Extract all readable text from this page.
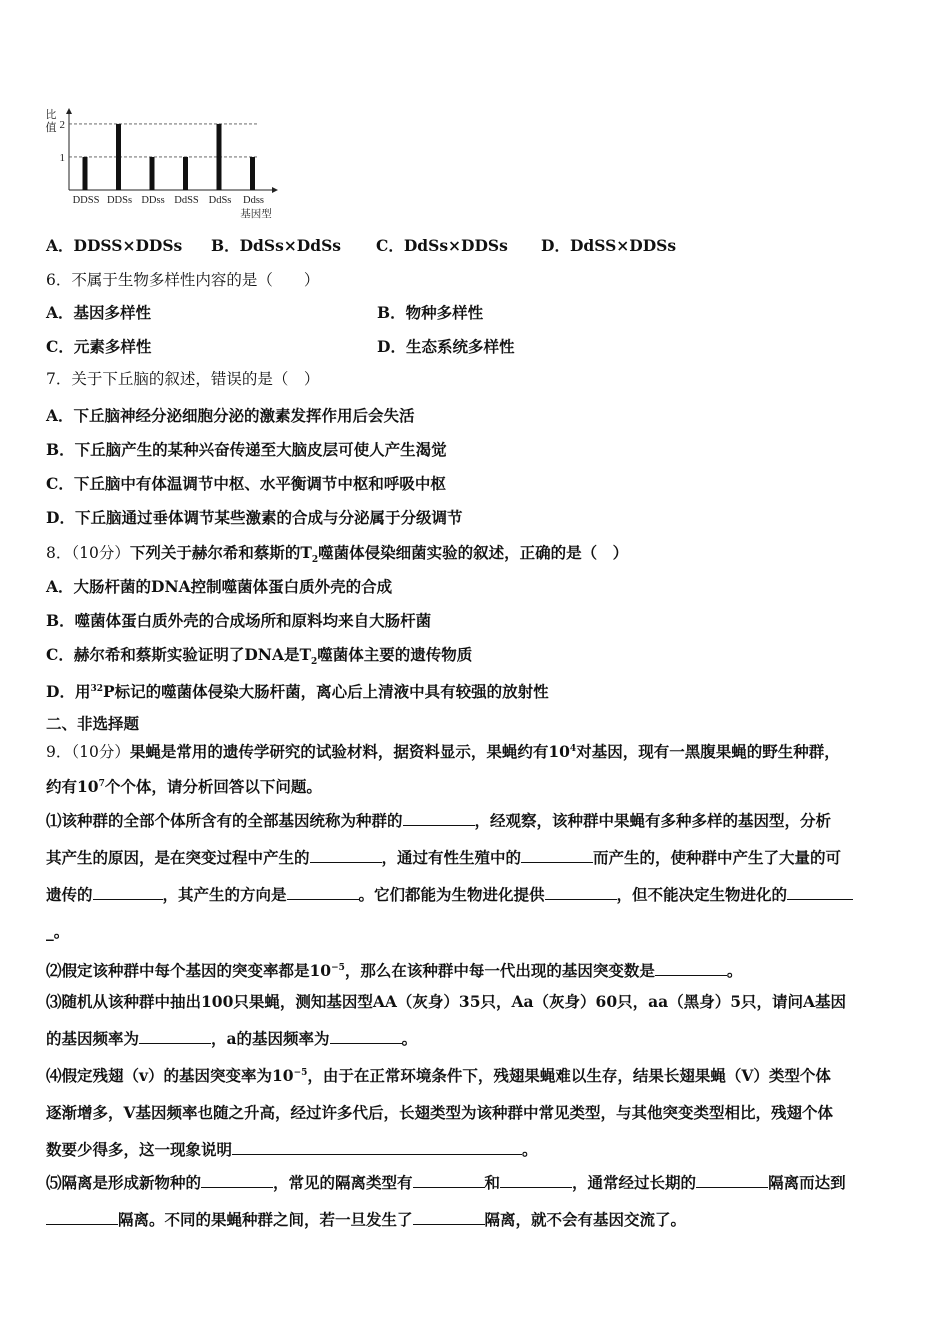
1
2
比
值
DDSS DDSs DDss DdSS DdSs Ddss
基因型
A．DDSS×DDSs	B．DdSs×DdSs	C．DdSs×DDSs	D．DdSS×DDSs
6．不属于生物多样性内容的是（　　）
A．基因多样性	B．物种多样性
C．元素多样性	D．生态系统多样性
7．关于下丘脑的叙述，错误的是（　）
A．下丘脑神经分泌细胞分泌的激素发挥作用后会失活
B．下丘脑产生的某种兴奋传递至大脑皮层可使人产生渴觉
C．下丘脑中有体温调节中枢、水平衡调节中枢和呼吸中枢
D．下丘脑通过垂体调节某些激素的合成与分泌属于分级调节
8．（10分）下列关于赫尔希和蔡斯的$T_2$噬菌体侵染细菌实验的叙述，正确的是（　）
A．大肠杆菌的DNA控制噬菌体蛋白质外壳的合成
B．噬菌体蛋白质外壳的合成场所和原料均来自大肠杆菌
C．赫尔希和蔡斯实验证明了DNA是$T_2$噬菌体主要的遗传物质
D．用$^{32}$P标记的噬菌体侵染大肠杆菌，离心后上清液中具有较强的放射性
二、非选择题
9．（10分）果蝇是常用的遗传学研究的试验材料，据资料显示，果蝇约有$10^4$对基因，现有一黑腹果蝇的野生种群，
约有$10^7$个个体，请分析回答以下问题。
⑴该种群的全部个体所含有的全部基因统称为种群的	，经观察，该种群中果蝇有多种多样的基因型，分析
其产生的原因，是在突变过程中产生的	，通过有性生殖中的	而产生的，使种群中产生了大量的可
遗传的	，其产生的方向是	。它们都能为生物进化提供	，但不能决定生物进化的
_。
⑵假定该种群中每个基因的突变率都是$10^{-5}$，那么在该种群中每一代出现的基因突变数是	。
⑶随机从该种群中抽出100只果蝇，测知基因型AA（灰身）35只，Aa（灰身）60只，aa（黑身）5只，请问A基因
的基因频率为	，a的基因频率为	。
⑷假定残翅（v）的基因突变率为$10^{-5}$，由于在正常环境条件下，残翅果蝇难以生存，结果长翅果蝇（V）类型个体
逐渐增多，V基因频率也随之升高，经过许多代后，长翅类型为该种群中常见类型，与其他突变类型相比，残翅个体
数要少得多，这一现象说明	。
⑸隔离是形成新物种的	，常见的隔离类型有	和	，通常经过长期的	隔离而达到
隔离。不同的果蝇种群之间，若一旦发生了	隔离，就不会有基因交流了。
